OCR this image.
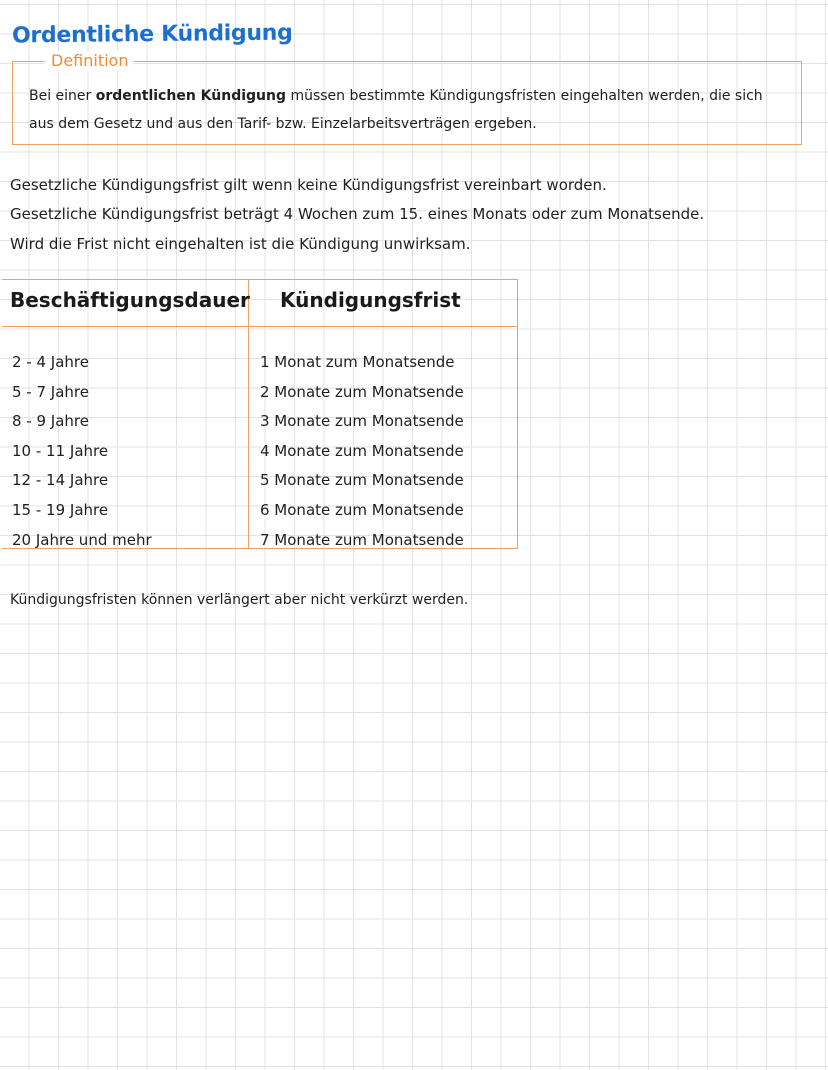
Ordentliche Kündigung
Definition
Bei einer ordentlichen Kündigung müssen bestimmte Kündigungsfristen eingehalten werden, die sich
aus dem Gesetz und aus den Tarif- bzw. Einzelarbeitsverträgen ergeben.
Gesetzliche Kündigungsfrist gilt wenn keine Kündigungsfrist vereinbart worden.
Gesetzliche Kündigungsfrist beträgt 4 Wochen zum 15. eines Monats oder zum Monatsende.
Wird die Frist nicht eingehalten ist die Kündigung unwirksam.
Beschäftigungsdauer Kündigungsfrist
2 - 4 Jahre	1 Monat zum Monatsende
5 - 7 Jahre	2 Monate zum Monatsende
8 - 9 Jahre	3 Monate zum Monatsende
10 - 11 Jahre	4 Monate zum Monatsende
12 - 14 Jahre	5 Monate zum Monatsende
15 - 19 Jahre	6 Monate zum Monatsende
20 Jahre und mehr	7 Monate zum Monatsende
Kündigungsfristen können verlängert aber nicht verkürzt werden.
